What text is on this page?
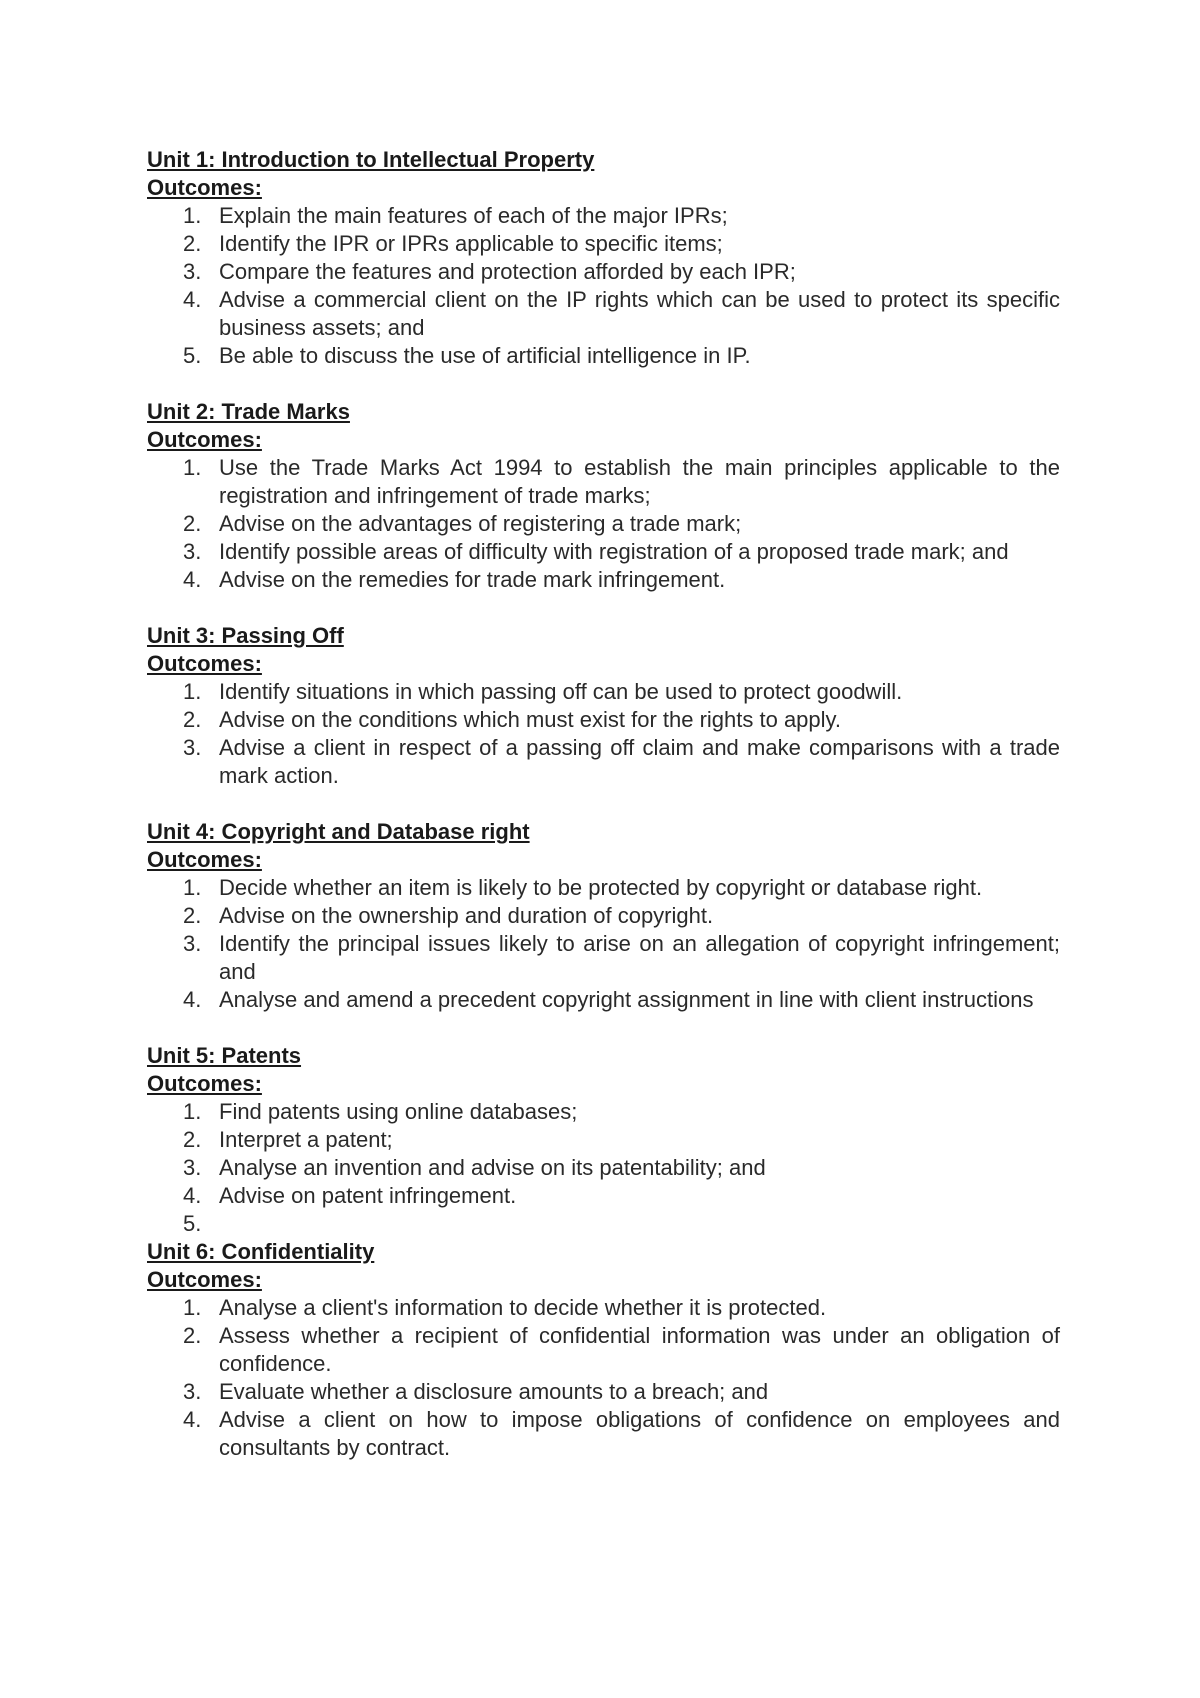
Unit 1: Introduction to Intellectual Property
Outcomes:
1. Explain the main features of each of the major IPRs;
2. Identify the IPR or IPRs applicable to specific items;
3. Compare the features and protection afforded by each IPR;
4. Advise a commercial client on the IP rights which can be used to protect its specific business assets; and
5. Be able to discuss the use of artificial intelligence in IP.
Unit 2: Trade Marks
Outcomes:
1. Use the Trade Marks Act 1994 to establish the main principles applicable to the registration and infringement of trade marks;
2. Advise on the advantages of registering a trade mark;
3. Identify possible areas of difficulty with registration of a proposed trade mark; and
4. Advise on the remedies for trade mark infringement.
Unit 3: Passing Off
Outcomes:
1. Identify situations in which passing off can be used to protect goodwill.
2. Advise on the conditions which must exist for the rights to apply.
3. Advise a client in respect of a passing off claim and make comparisons with a trade mark action.
Unit 4: Copyright and Database right
Outcomes:
1. Decide whether an item is likely to be protected by copyright or database right.
2. Advise on the ownership and duration of copyright.
3. Identify the principal issues likely to arise on an allegation of copyright infringement; and
4. Analyse and amend a precedent copyright assignment in line with client instructions
Unit 5: Patents
Outcomes:
1. Find patents using online databases;
2. Interpret a patent;
3. Analyse an invention and advise on its patentability; and
4. Advise on patent infringement.
5.

Unit 6: Confidentiality
Outcomes:
1. Analyse a client's information to decide whether it is protected.
2. Assess whether a recipient of confidential information was under an obligation of confidence.
3. Evaluate whether a disclosure amounts to a breach; and
4. Advise a client on how to impose obligations of confidence on employees and consultants by contract.
